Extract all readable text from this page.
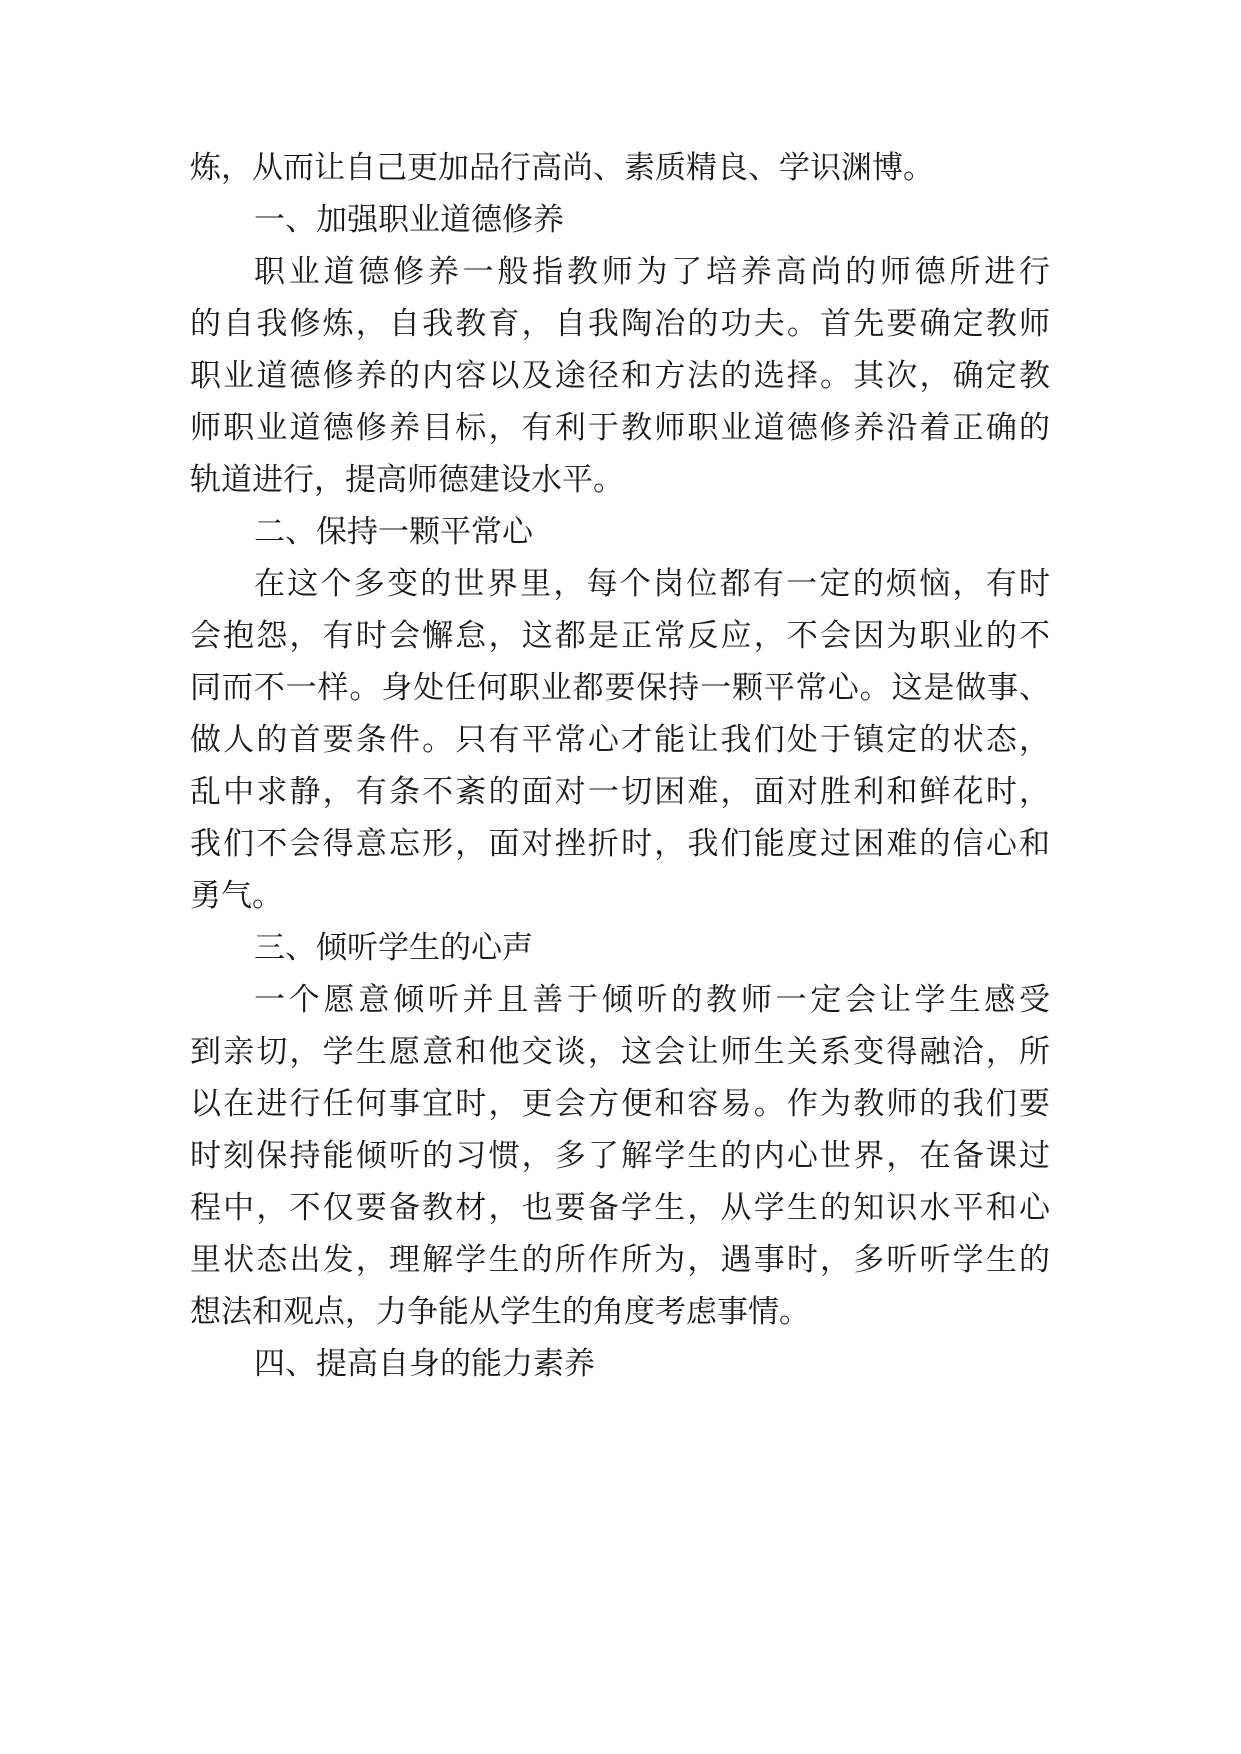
炼，从而让自己更加品行高尚、素质精良、学识渊博。
一、加强职业道德修养
职业道德修养一般指教师为了培养高尚的师德所进行
的自我修炼，自我教育，自我陶冶的功夫。首先要确定教师
职业道德修养的内容以及途径和方法的选择。其次，确定教
师职业道德修养目标，有利于教师职业道德修养沿着正确的
轨道进行，提高师德建设水平。
二、保持一颗平常心
在这个多变的世界里，每个岗位都有一定的烦恼，有时
会抱怨，有时会懈怠，这都是正常反应，不会因为职业的不
同而不一样。身处任何职业都要保持一颗平常心。这是做事、
做人的首要条件。只有平常心才能让我们处于镇定的状态，
乱中求静，有条不紊的面对一切困难，面对胜利和鲜花时，
我们不会得意忘形，面对挫折时，我们能度过困难的信心和
勇气。
三、倾听学生的心声
一个愿意倾听并且善于倾听的教师一定会让学生感受
到亲切，学生愿意和他交谈，这会让师生关系变得融洽，所
以在进行任何事宜时，更会方便和容易。作为教师的我们要
时刻保持能倾听的习惯，多了解学生的内心世界，在备课过
程中，不仅要备教材，也要备学生，从学生的知识水平和心
里状态出发，理解学生的所作所为，遇事时，多听听学生的
想法和观点，力争能从学生的角度考虑事情。
四、提高自身的能力素养
